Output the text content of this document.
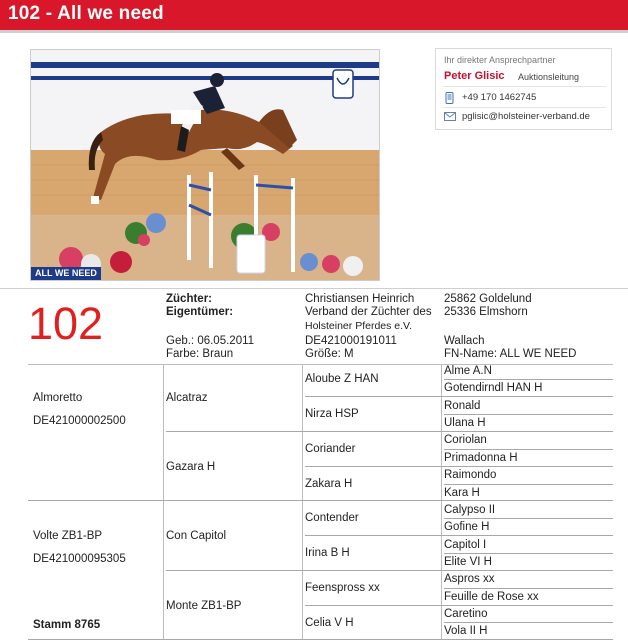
102 - All we need
ALL WE NEED
Ihr direkter Ansprechpartner
Peter Glisic Auktionsleitung
+49 170 1462745
pglisic@holsteiner-verband.de
102	Züchter:
Eigentümer:
Geb.: 06.05.2011
Farbe: Braun
Christiansen Heinrich
Verband der Züchter des
Holsteiner Pferdes e.V.
DE421000191011
Größe: M
25862 Goldelund
25336 Elmshorn
Wallach
FN-Name: ALL WE NEED
Almoretto
DE421000002500
Volte ZB1-BP
DE421000095305
Stamm 8765
Alcatraz
Gazara H
Con Capitol
Monte ZB1-BP
Aloube Z HAN
Nirza HSP
Coriander
Zakara H
Contender
Irina B H
Feenspross xx
Celia V H
Alme A.N
Gotendirndl HAN H
Ronald
Ulana H
Coriolan
Primadonna H
Raimondo
Kara H
Calypso II
Gofine H
Capitol I
Elite VI H
Aspros xx
Feuille de Rose xx
Caretino
Vola II H
